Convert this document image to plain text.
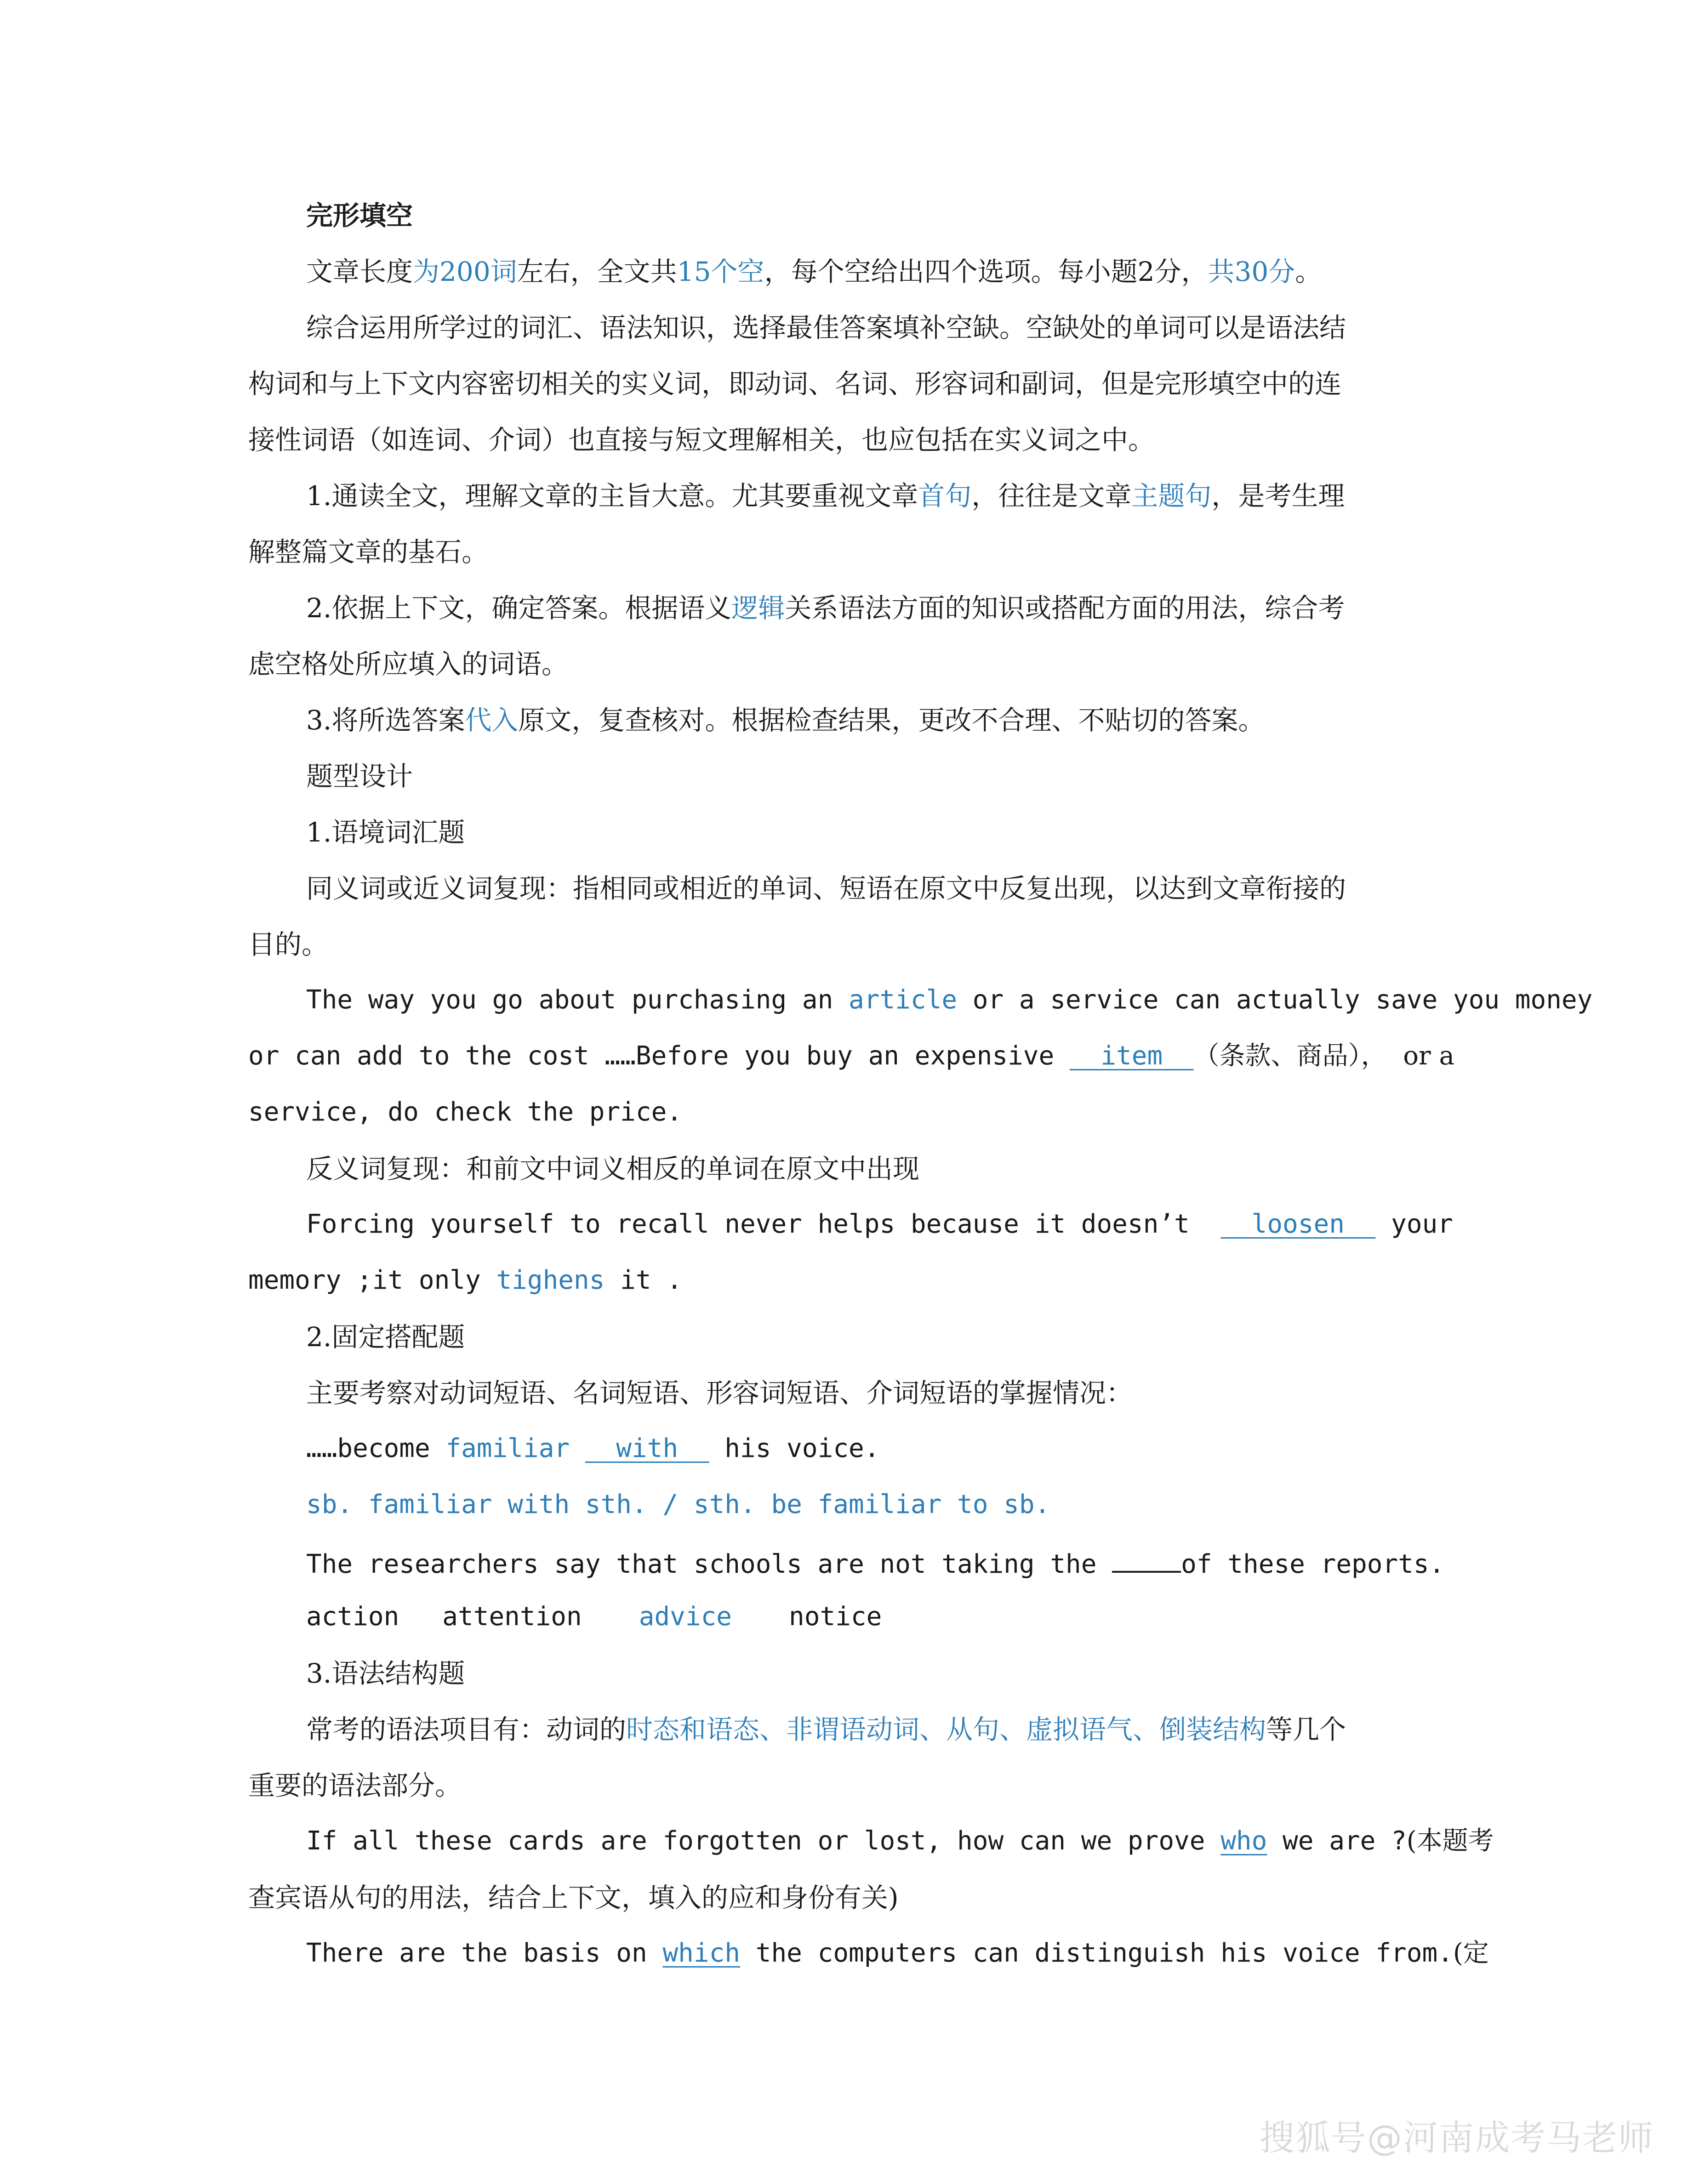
完形填空
文章长度为200词左右，全文共15个空，每个空给出四个选项。每小题2分，共30分。
综合运用所学过的词汇、语法知识，选择最佳答案填补空缺。空缺处的单词可以是语法结
构词和与上下文内容密切相关的实义词，即动词、名词、形容词和副词，但是完形填空中的连
接性词语（如连词、介词）也直接与短文理解相关，也应包括在实义词之中。
1.通读全文，理解文章的主旨大意。尤其要重视文章首句，往往是文章主题句，是考生理
解整篇文章的基石。
2.依据上下文，确定答案。根据语义逻辑关系语法方面的知识或搭配方面的用法，综合考
虑空格处所应填入的词语。
3.将所选答案代入原文，复查核对。根据检查结果，更改不合理、不贴切的答案。
题型设计
1.语境词汇题
同义词或近义词复现：指相同或相近的单词、短语在原文中反复出现，以达到文章衔接的
目的。
The way you go about purchasing an article or a service can actually save you money
or can add to the cost ……Before you buy an expensive   item  （条款、商品），  or a
service, do check the price.
反义词复现：和前文中词义相反的单词在原文中出现
Forcing yourself to recall never helps because it doesn’t    loosen   your
memory ;it only tighens it .
2.固定搭配题
主要考察对动词短语、名词短语、形容词短语、介词短语的掌握情况：
……become familiar   with   his voice.
sb. familiar with sth. / sth. be familiar to sb.
The researchers say that schools are not taking the	of these reports.
action attention advice notice
3.语法结构题
常考的语法项目有：动词的时态和语态、非谓语动词、从句、虚拟语气、倒装结构等几个
重要的语法部分。
If all these cards are forgotten or lost, how can we prove who we are ?(本题考
查宾语从句的用法，结合上下文，填入的应和身份有关)
There are the basis on which the computers can distinguish his voice from.(定
搜狐号@河南成考马老师
